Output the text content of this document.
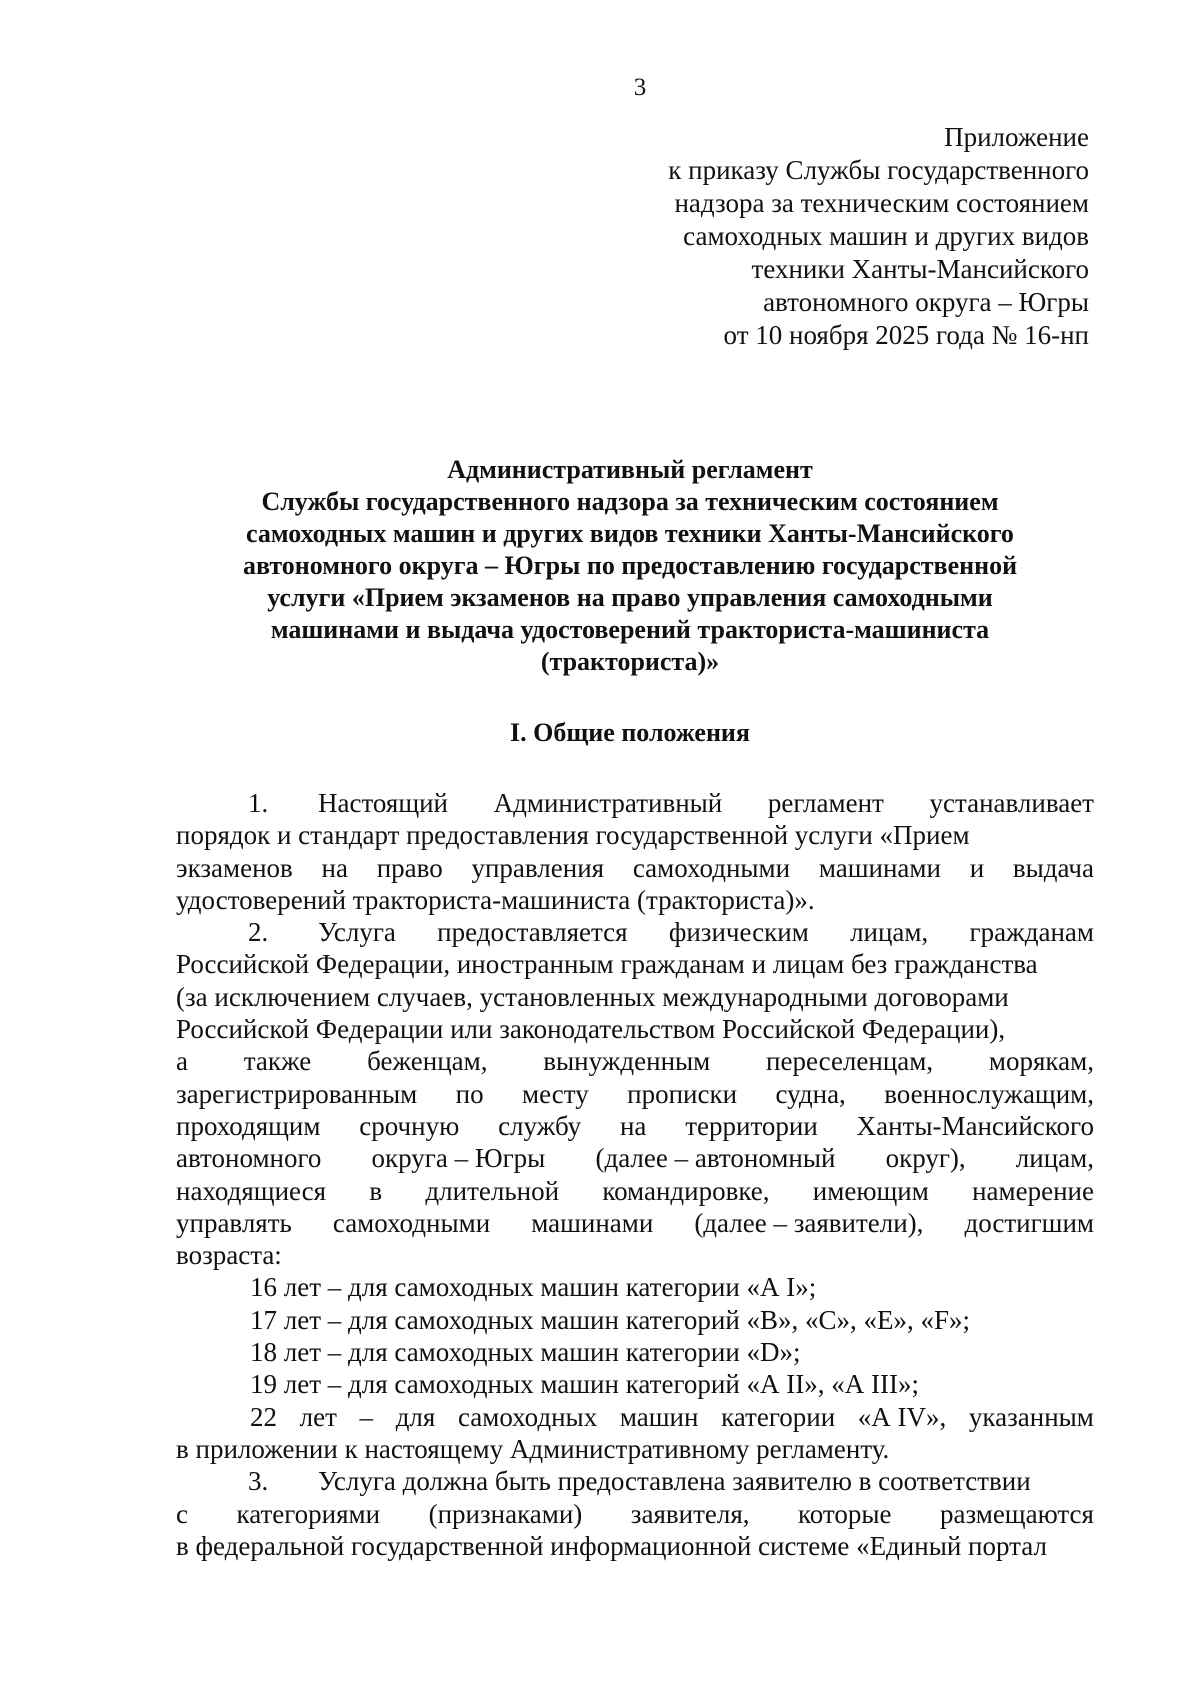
3
Приложение
к приказу Службы государственного
надзора за техническим состоянием
самоходных машин и других видов
техники Ханты-Мансийского
автономного округа – Югры
от 10 ноября 2025 года № 16-нп
Административный регламент
Службы государственного надзора за техническим состоянием
самоходных машин и других видов техники Ханты-Мансийского
автономного округа – Югры по предоставлению государственной
услуги «Прием экзаменов на право управления самоходными
машинами и выдача удостоверений тракториста-машиниста
(тракториста)»
I. Общие положения
1. Настоящий Административный регламент устанавливает
порядок и стандарт предоставления государственной услуги «Прием
экзаменов на право управления самоходными машинами и выдача
удостоверений тракториста-машиниста (тракториста)».
2. Услуга предоставляется физическим лицам, гражданам
Российской Федерации, иностранным гражданам и лицам без гражданства
(за исключением случаев, установленных международными договорами
Российской Федерации или законодательством Российской Федерации),
а также беженцам, вынужденным переселенцам, морякам,
зарегистрированным по месту прописки судна, военнослужащим,
проходящим срочную службу на территории Ханты-Мансийского
автономного округа – Югры (далее – автономный округ), лицам,
находящиеся в длительной командировке, имеющим намерение
управлять самоходными машинами (далее – заявители), достигшим
возраста:
16 лет – для самоходных машин категории «А I»;
17 лет – для самоходных машин категорий «В», «С», «Е», «F»;
18 лет – для самоходных машин категории «D»;
19 лет – для самоходных машин категорий «А II», «А III»;
22 лет – для самоходных машин категории «А IV», указанным
в приложении к настоящему Административному регламенту.
3. Услуга должна быть предоставлена заявителю в соответствии
с категориями (признаками) заявителя, которые размещаются
в федеральной государственной информационной системе «Единый портал
